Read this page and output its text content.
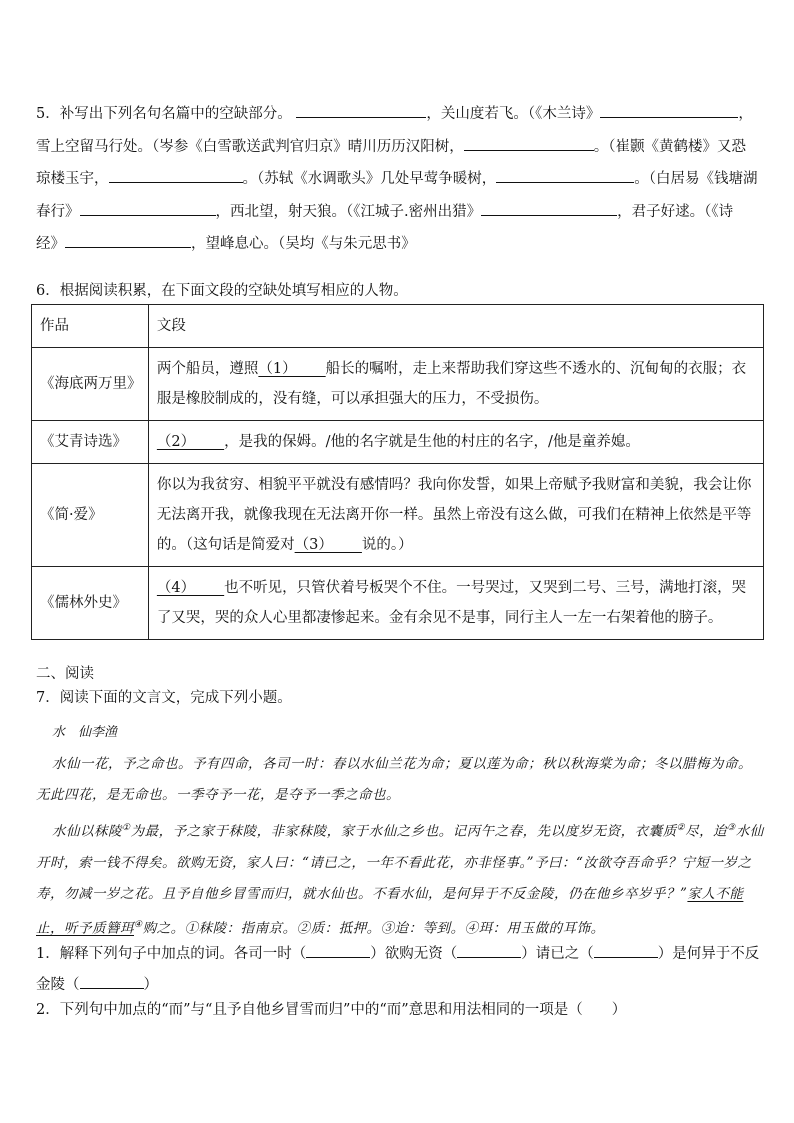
5．补写出下列名句名篇中的空缺部分。	，关山度若飞。（《木兰诗》	，
雪上空留马行处。（岑参《白雪歌送武判官归京》晴川历历汉阳树，	。（崔颢《黄鹤楼》又恐
琼楼玉宇，	。（苏轼《水调歌头》几处早莺争暖树，	。（白居易《钱塘湖
春行》	，西北望，射天狼。（《江城子.密州出猎》	，君子好逑。（《诗
经》	，望峰息心。（吴均《与朱元思书》
6．根据阅读积累，在下面文段的空缺处填写相应的人物。
作品	文段
《海底两万里》	两个船员，遵照（1）____船长的嘱咐，走上来帮助我们穿这些不透水的、沉甸甸的衣服；衣服是橡胶制成的，没有缝，可以承担强大的压力，不受损伤。
《艾青诗选》	（2）____，是我的保姆。/他的名字就是生他的村庄的名字，/他是童养媳。
《简·爱》	你以为我贫穷、相貌平平就没有感情吗？我向你发誓，如果上帝赋予我财富和美貌，我会让你无法离开我，就像我现在无法离开你一样。虽然上帝没有这么做，可我们在精神上依然是平等的。（这句话是简爱对（3）____说的。）
《儒林外史》	（4）____也不听见，只管伏着号板哭个不住。一号哭过，又哭到二号、三号，满地打滚，哭了又哭，哭的众人心里都凄惨起来。金有余见不是事，同行主人一左一右架着他的膀子。
二、阅读
7．阅读下面的文言文，完成下列小题。
水　仙李渔
水仙一花，予之命也。予有四命，各司一时：春以水仙兰花为命；夏以莲为命；秋以秋海棠为命；冬以腊梅为命。无此四花，是无命也。一季夺予一花，是夺予一季之命也。
水仙以秣陵①为最，予之家于秣陵，非家秣陵，家于水仙之乡也。记丙午之春，先以度岁无资，衣囊质②尽，迨③水仙开时，索一钱不得矣。欲购无资，家人曰：“请已之，一年不看此花，亦非怪事。”予曰：“汝欲夺吾命乎？宁短一岁之寿，勿减一岁之花。且予自他乡冒雪而归，就水仙也。不看水仙，是何异于不反金陵，仍在他乡卒岁乎？”家人不能止，听予质簪珥④购之。①秣陵：指南京。②质：抵押。③迨：等到。④珥：用玉做的耳饰。
1．解释下列句子中加点的词。各司一时（	）欲购无资（	）请已之（	）是何异于不反
金陵（	）
2．下列句中加点的“而”与“且予自他乡冒雪而归”中的“而”意思和用法相同的一项是（　　）
